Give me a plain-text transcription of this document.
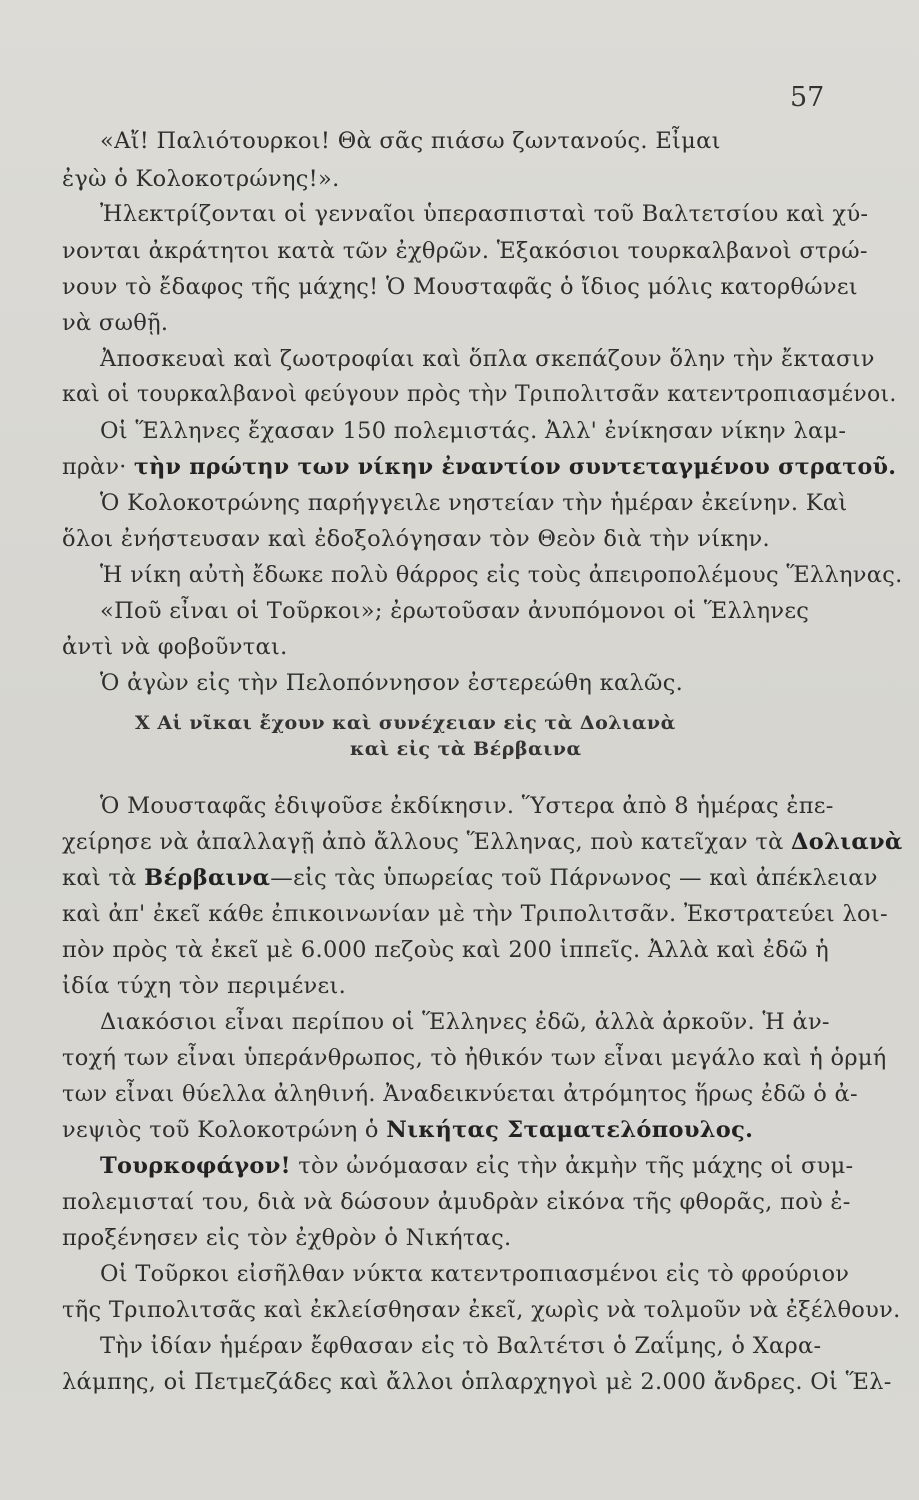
57
«Αἴ! Παλιότουρκοι! Θὰ σᾶς πιάσω ζωντανούς. Εἶμαι
ἐγὼ ὁ Κολοκοτρώνης!».
Ἠλεκτρίζονται οἱ γενναῖοι ὑπερασπισταὶ τοῦ Βαλτετσίου καὶ χύ-
νονται ἀκράτητοι κατὰ τῶν ἐχθρῶν. Ἑξακόσιοι τουρκαλβανοὶ στρώ-
νουν τὸ ἔδαφος τῆς μάχης! Ὁ Μουσταφᾶς ὁ ἴδιος μόλις κατορθώνει
νὰ σωθῇ.
Ἀποσκευαὶ καὶ ζωοτροφίαι καὶ ὅπλα σκεπάζουν ὅλην τὴν ἔκτασιν
καὶ οἱ τουρκαλβανοὶ φεύγουν πρὸς τὴν Τριπολιτσᾶν κατεντροπιασμένοι.
Οἱ Ἕλληνες ἔχασαν 150 πολεμιστάς. Ἀλλ' ἐνίκησαν νίκην λαμ-
πρὰν· τὴν πρώτην των νίκην ἐναντίον συντεταγμένου στρατοῦ.
Ὁ Κολοκοτρώνης παρήγγειλε νηστείαν τὴν ἡμέραν ἐκείνην. Καὶ
ὅλοι ἐνήστευσαν καὶ ἐδοξολόγησαν τὸν Θεὸν διὰ τὴν νίκην.
Ἡ νίκη αὐτὴ ἔδωκε πολὺ θάρρος εἰς τοὺς ἀπειροπολέμους Ἕλληνας.
«Ποῦ εἶναι οἱ Τοῦρκοι»; ἐρωτοῦσαν ἀνυπόμονοι οἱ Ἕλληνες
ἀντὶ νὰ φοβοῦνται.
Ὁ ἀγὼν εἰς τὴν Πελοπόννησον ἐστερεώθη καλῶς.
X Αἱ νῖκαι ἔχουν καὶ συνέχειαν εἰς τὰ Δολιανὰ
καὶ εἰς τὰ Βέρβαινα
Ὁ Μουσταφᾶς ἐδιψοῦσε ἐκδίκησιν. Ὕστερα ἀπὸ 8 ἡμέρας ἐπε-
χείρησε νὰ ἀπαλλαγῇ ἀπὸ ἄλλους Ἕλληνας, ποὺ κατεῖχαν τὰ Δολιανὰ
καὶ τὰ Βέρβαινα—εἰς τὰς ὑπωρείας τοῦ Πάρνωνος — καὶ ἀπέκλειαν
καὶ ἀπ' ἐκεῖ κάθε ἐπικοινωνίαν μὲ τὴν Τριπολιτσᾶν. Ἐκστρατεύει λοι-
πὸν πρὸς τὰ ἐκεῖ μὲ 6.000 πεζοὺς καὶ 200 ἱππεῖς. Ἀλλὰ καὶ ἐδῶ ἡ
ἰδία τύχη τὸν περιμένει.
Διακόσιοι εἶναι περίπου οἱ Ἕλληνες ἐδῶ, ἀλλὰ ἀρκοῦν. Ἡ ἀν-
τοχή των εἶναι ὑπεράνθρωπος, τὸ ἠθικόν των εἶναι μεγάλο καὶ ἡ ὁρμή
των εἶναι θύελλα ἀληθινή. Ἀναδεικνύεται ἀτρόμητος ἥρως ἐδῶ ὁ ἀ-
νεψιὸς τοῦ Κολοκοτρώνη ὁ Νικήτας Σταματελόπουλος.
Τουρκοφάγον! τὸν ὠνόμασαν εἰς τὴν ἀκμὴν τῆς μάχης οἱ συμ-
πολεμισταί του, διὰ νὰ δώσουν ἀμυδρὰν εἰκόνα τῆς φθορᾶς, ποὺ ἐ-
προξένησεν εἰς τὸν ἐχθρὸν ὁ Νικήτας.
Οἱ Τοῦρκοι εἰσῆλθαν νύκτα κατεντροπιασμένοι εἰς τὸ φρούριον
τῆς Τριπολιτσᾶς καὶ ἐκλείσθησαν ἐκεῖ, χωρὶς νὰ τολμοῦν νὰ ἐξέλθουν.
Τὴν ἰδίαν ἡμέραν ἔφθασαν εἰς τὸ Βαλτέτσι ὁ Ζαΐμης, ὁ Χαρα-
λάμπης, οἱ Πετμεζάδες καὶ ἄλλοι ὁπλαρχηγοὶ μὲ 2.000 ἄνδρες. Οἱ Ἕλ-
